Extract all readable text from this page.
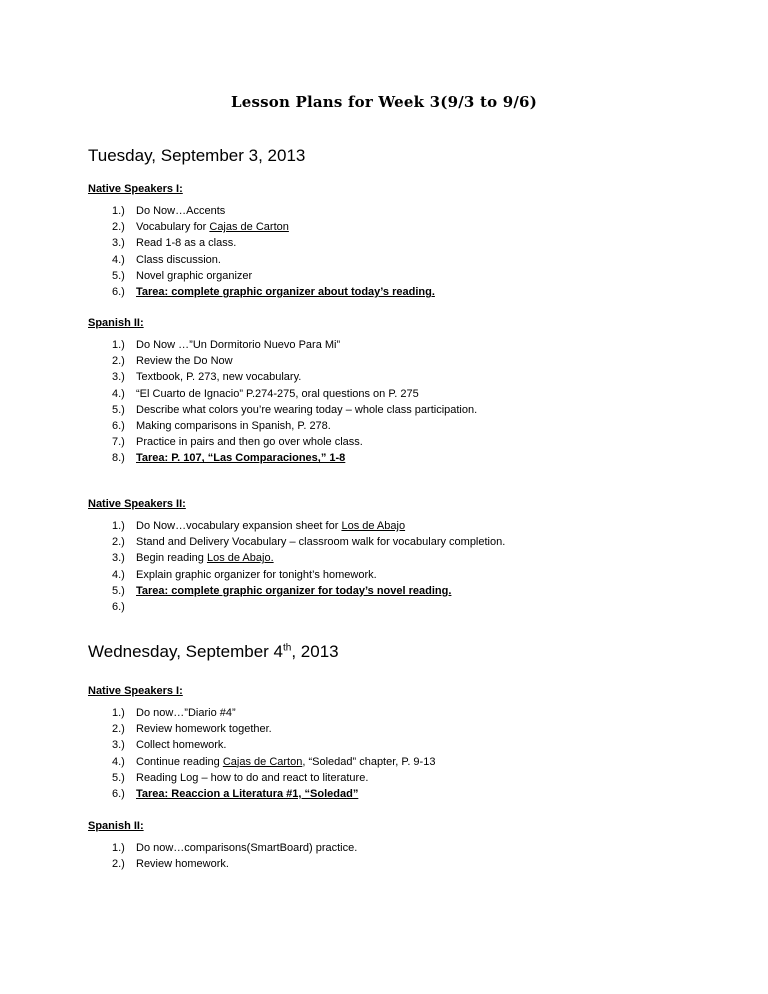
Lesson Plans for Week 3(9/3 to 9/6)
Tuesday, September 3, 2013
Native Speakers I:
1.)	Do Now…Accents
2.)	Vocabulary for Cajas de Carton
3.)	Read 1-8 as a class.
4.)	Class discussion.
5.)	Novel graphic organizer
6.)	Tarea: complete graphic organizer about today’s reading.
Spanish II:
1.)	Do Now …”Un Dormitorio Nuevo Para Mi”
2.)	Review the Do Now
3.)	Textbook, P. 273, new vocabulary.
4.)	“El Cuarto de Ignacio” P.274-275, oral questions on P. 275
5.)	Describe what colors you’re wearing today – whole class participation.
6.)	Making comparisons in Spanish, P. 278.
7.)	Practice in pairs and then go over whole class.
8.)	Tarea: P. 107, “Las Comparaciones,” 1-8
Native Speakers II:
1.)	Do Now…vocabulary expansion sheet for Los de Abajo
2.)	Stand and Delivery Vocabulary – classroom walk for vocabulary completion.
3.)	Begin reading Los de Abajo.
4.)	Explain graphic organizer for tonight’s homework.
5.)	Tarea: complete graphic organizer for today’s novel reading.
6.)
Wednesday, September 4th, 2013
Native Speakers I:
1.)	Do now…”Diario #4”
2.)	Review homework together.
3.)	Collect homework.
4.)	Continue reading Cajas de Carton, “Soledad” chapter, P. 9-13
5.)	Reading Log – how to do and react to literature.
6.)	Tarea: Reaccion a Literatura #1, “Soledad”
Spanish II:
1.)	Do now…comparisons(SmartBoard) practice.
2.)	Review homework.
